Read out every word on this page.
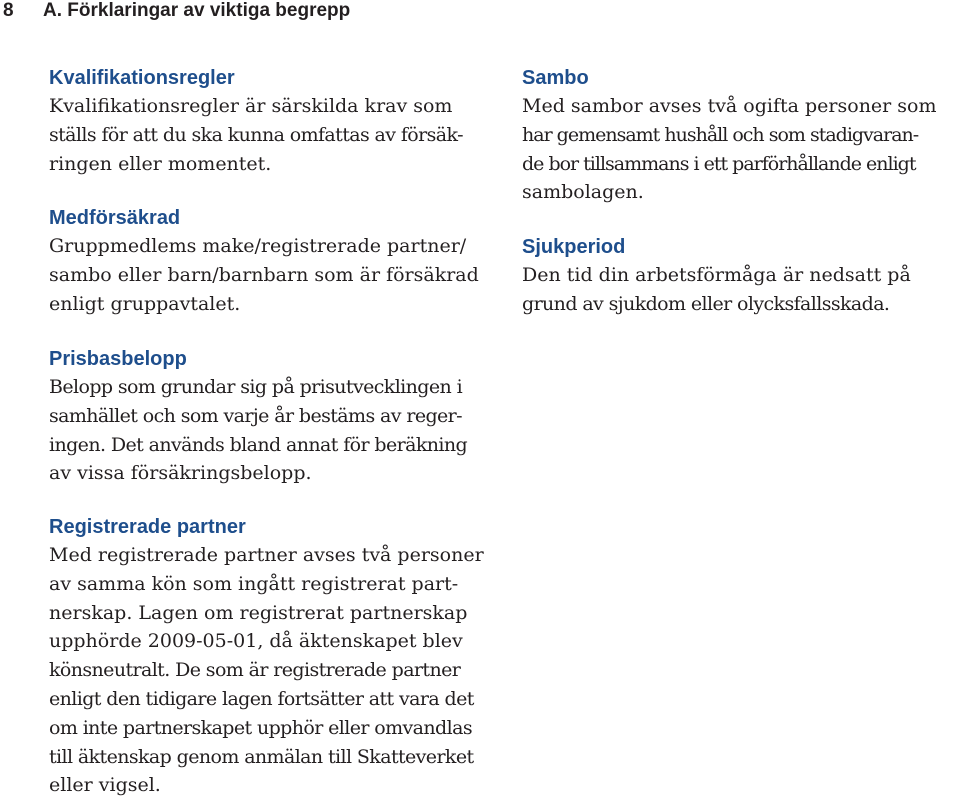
8 A. Förklaringar av viktiga begrepp
Kvalifikationsregler
Kvalifikationsregler är särskilda krav som
ställs för att du ska kunna omfattas av försäk-
ringen eller momentet.
Medförsäkrad
Gruppmedlems make/registrerade partner/
sambo eller barn/barnbarn som är försäkrad
enligt gruppavtalet.
Prisbasbelopp
Belopp som grundar sig på prisutvecklingen i
samhället och som varje år bestäms av reger-
ingen. Det används bland annat för beräkning
av vissa försäkringsbelopp.
Registrerade partner
Med registrerade partner avses två personer
av samma kön som ingått registrerat part-
nerskap. Lagen om registrerat partnerskap
upphörde 2009-05-01, då äktenskapet blev
könsneutralt. De som är registrerade partner
enligt den tidigare lagen fortsätter att vara det
om inte partnerskapet upphör eller omvandlas
till äktenskap genom anmälan till Skatteverket
eller vigsel.
Sambo
Med sambor avses två ogifta personer som
har gemensamt hushåll och som stadigvaran-
de bor tillsammans i ett parförhållande enligt
sambolagen.
Sjukperiod
Den tid din arbetsförmåga är nedsatt på
grund av sjukdom eller olycksfallsskada.
